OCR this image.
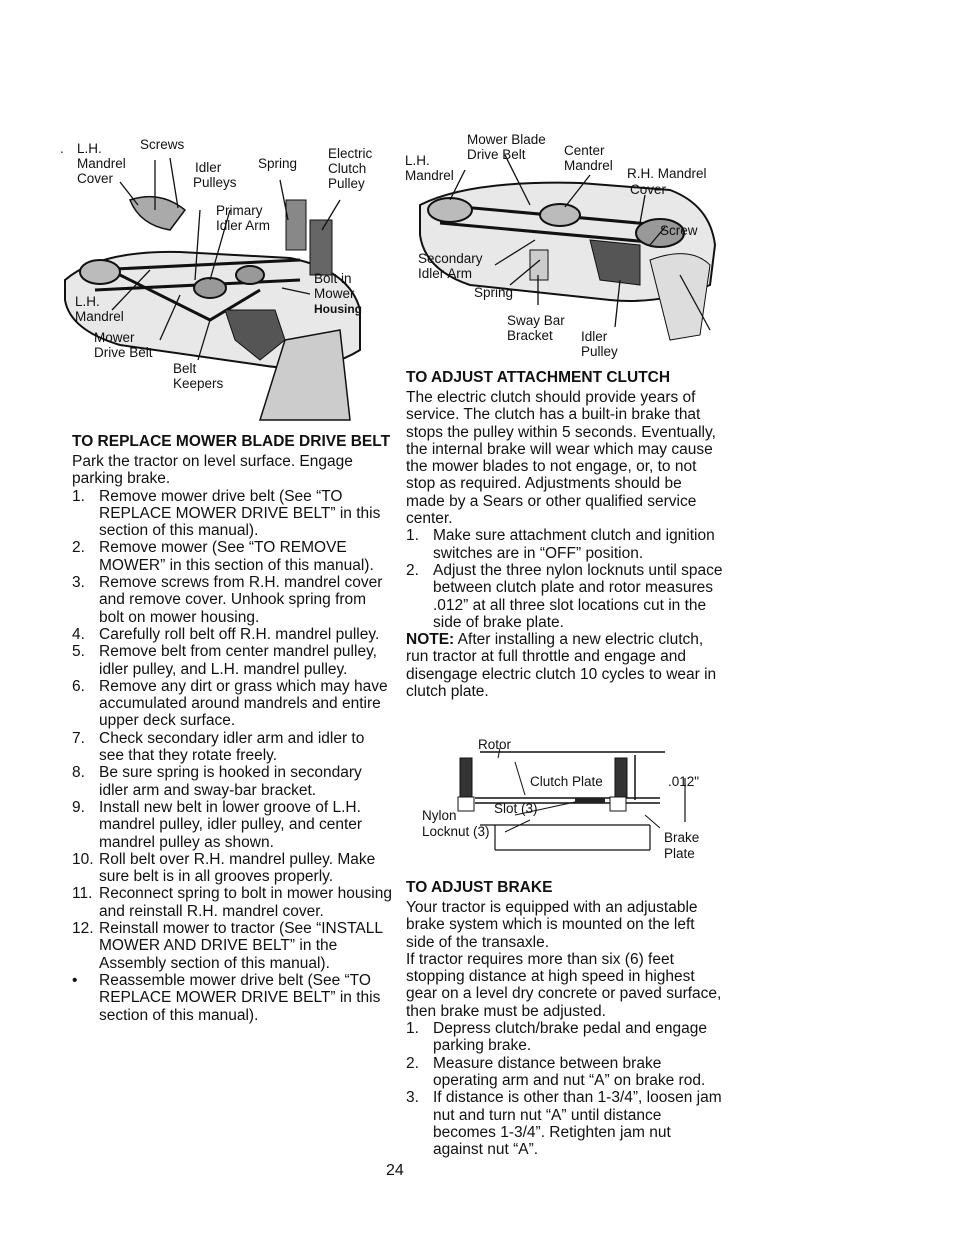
. L.H.
Mandrel
Cover
Screws
Idler
Pulleys
Spring
Electric
Clutch
Pulley
Primary
Idler Arm
Bolt in
Mower
Housing
L.H.
Mandrel
Mower
Drive Belt
Belt
Keepers
Mower Blade
Drive Belt
L.H.
Mandrel
Center
Mandrel
R.H. Mandrel
Cover
Screw
Secondary
Idler Arm
Spring
Sway Bar
Bracket Idler
Pulley
TO REPLACE MOWER BLADE DRIVE BELT

Park the tractor on level surface. Engage parking brake.

1. Remove mower drive belt (See “TO REPLACE MOWER DRIVE BELT” in this section of this manual).
2. Remove mower (See “TO REMOVE MOWER” in this section of this manual).
3. Remove screws from R.H. mandrel cover and remove cover. Unhook spring from bolt on mower housing.
4. Carefully roll belt off R.H. mandrel pulley.
5. Remove belt from center mandrel pulley, idler pulley, and L.H. mandrel pulley.
6. Remove any dirt or grass which may have accumulated around mandrels and entire upper deck surface.
7. Check secondary idler arm and idler to see that they rotate freely.
8. Be sure spring is hooked in secondary idler arm and sway-bar bracket.
9. Install new belt in lower groove of L.H. mandrel pulley, idler pulley, and center mandrel pulley as shown.
10. Roll belt over R.H. mandrel pulley. Make sure belt is in all grooves properly.
11. Reconnect spring to bolt in mower housing and reinstall R.H. mandrel cover.
12. Reinstall mower to tractor (See “INSTALL MOWER AND DRIVE BELT” in the Assembly section of this manual).
• Reassemble mower drive belt (See “TO REPLACE MOWER DRIVE BELT” in this section of this manual).
TO ADJUST ATTACHMENT CLUTCH

The electric clutch should provide years of service. The clutch has a built-in brake that stops the pulley within 5 seconds. Eventually, the internal brake will wear which may cause the mower blades to not engage, or, to not stop as required. Adjustments should be made by a Sears or other qualified service center.

1. Make sure attachment clutch and ignition switches are in “OFF” position.
2. Adjust the three nylon locknuts until space between clutch plate and rotor measures .012” at all three slot locations cut in the side of brake plate.

NOTE: After installing a new electric clutch, run tractor at full throttle and engage and disengage electric clutch 10 cycles to wear in clutch plate.

Rotor
Clutch Plate	.012"
Nylon	Slot (3)
Locknut (3)	Brake
Plate
TO ADJUST BRAKE

Your tractor is equipped with an adjustable brake system which is mounted on the left side of the transaxle.

If tractor requires more than six (6) feet stopping distance at high speed in highest gear on a level dry concrete or paved surface, then brake must be adjusted.

1. Depress clutch/brake pedal and engage parking brake.
2. Measure distance between brake operating arm and nut “A” on brake rod.
3. If distance is other than 1-3/4”, loosen jam nut and turn nut “A” until distance becomes 1-3/4”. Retighten jam nut against nut “A”.
24
